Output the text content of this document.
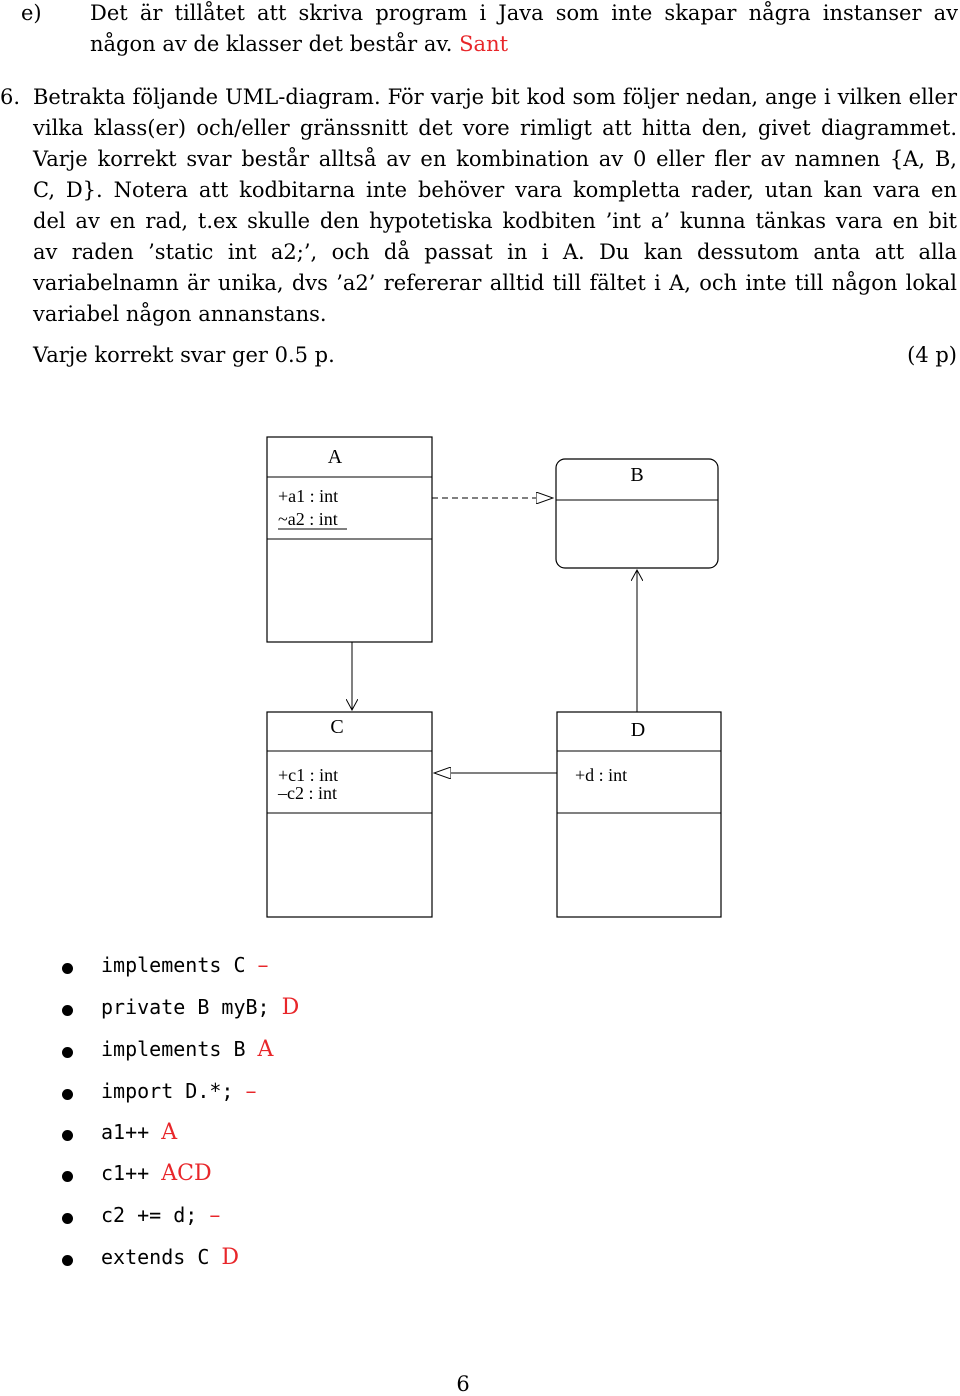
e) Det är tillåtet att skriva program i Java som inte skapar några instanser av
någon av de klasser det består av. Sant
6. Betrakta följande UML-diagram. För varje bit kod som följer nedan, ange i vilken eller
vilka klass(er) och/eller gränssnitt det vore rimligt att hitta den, givet diagrammet.
Varje korrekt svar består alltså av en kombination av 0 eller fler av namnen {A, B,
C, D}. Notera att kodbitarna inte behöver vara kompletta rader, utan kan vara en
del av en rad, t.ex skulle den hypotetiska kodbiten ’int a’ kunna tänkas vara en bit
av raden ’static int a2;’, och då passat in i A. Du kan dessutom anta att alla
variabelnamn är unika, dvs ’a2’ refererar alltid till fältet i A, och inte till någon lokal
variabel någon annanstans.
Varje korrekt svar ger 0.5 p.	(4 p)
A
+a1 : int
~a2 : int
B
C
+c1 : int
–c2 : int
D
+d : int
implements C –
private B myB; D
implements B A
import D.*; –
a1++ A
c1++ ACD
c2 += d; –
extends C D
6
